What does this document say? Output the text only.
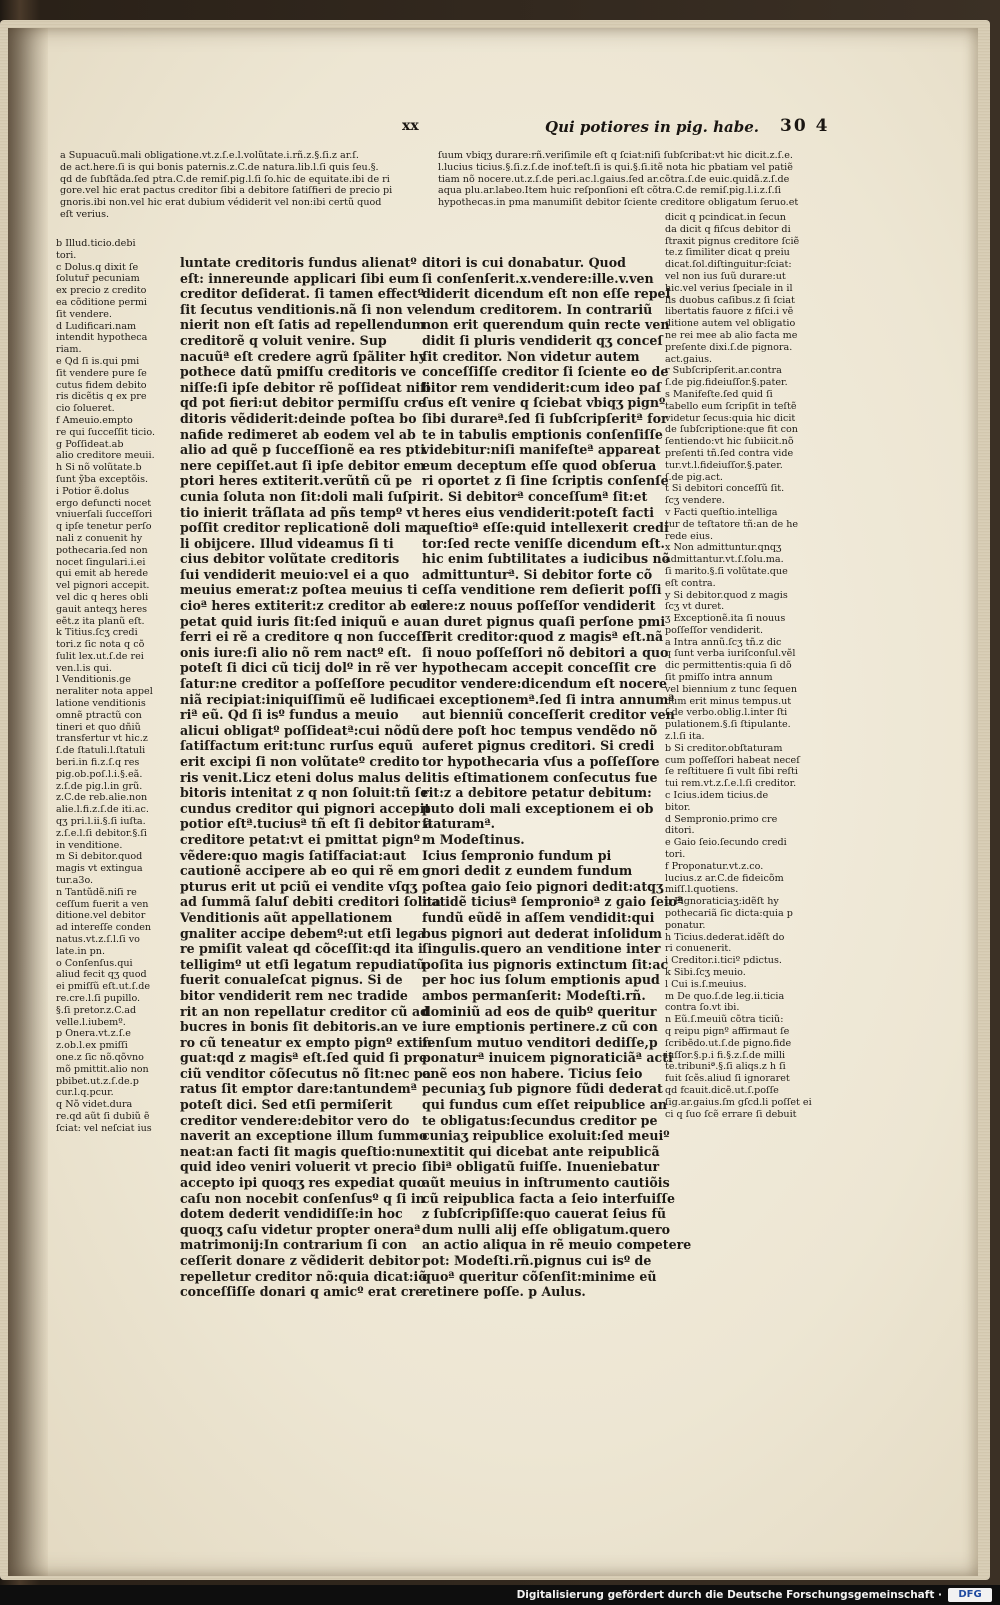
xx	Qui potiores in pig. habe. 30 4
a Supuacuũ.mali obligatione.vt.z.ſ.e.l.volũtate.i.rñ.z.§.ſi.z ar.ſ.
de act.here.ſi is qui bonis paternis.z.C.de natura.lib.l.ſi quis ſeu.§.
qd de ſubſtãda.ſed ptra.C.de remiſ.pig.l.ſi ſo.hic de equitate.ibi de ri
gore.vel hic erat pactus creditor ſibi a debitore ſatiſfieri de precio pi
gnoris.ibi non.vel hic erat dubium védiderit vel non:ibi certũ quod
eſt verius.
ſuum vbiqʒ durare:rñ.veriſimile eſt q ſciat:niſi ſubſcribat:vt hic dicit.z.ſ.e.
l.lucius ticius.§.ſi.z.ſ.de inof.teſt.ſi is qui.§.ſi.itẽ nota hic pbatiam vel patiẽ
tiam nõ nocere.ut.z.ſ.de peri.ac.l.gaius.ſed ar.cõtra.ſ.de euic.quidã.z.ſ.de
aqua plu.ar.labeo.Item huic reſponſioni eſt cõtra.C.de remiſ.pig.l.i.z.ſ.ſi
hypothecas.in pma manumiſit debitor ſciente creditore obligatum ſeruo.et
b Illud.ticio.debi
tori.
c Dolus.q dixit ſe
ſolutur̃ pecuniam
ex precio z credito
ea cõditione permi
ſit vendere.
d Ludificari.nam
intendit hypotheca
riam.
e Qd ſi is.qui pmi
ſit vendere pure ſe
cutus fidem debito
ris dicẽtis q ex pre
cio ſolueret.
f Ameuio.empto
re qui ſucceſſit ticio.
g Poſſideat.ab
alio creditore meuii.
h Si nõ volũtate.b
ſunt ỹba exceptõis.
i Potior ẽ.dolus
ergo defuncti nocet
vniuerſali ſucceſſori
q ipſe tenetur perſo
nali z conuenit hy
pothecaria.ſed non
nocet ſingulari.i.ei
qui emit ab herede
vel pignori accepit.
vel dic q heres obli
gauit anteqʒ heres
eẽt.z ita planũ eſt.
k Titius.ſcʒ credi
tori.z ſic nota q cõ
ſulit lex.ut.ſ.de rei
ven.l.is qui.
l Venditionis.ge
neraliter nota appel
latione venditionis
omnẽ ptractũ con
tineri et quo dñiũ
transfertur vt hic.z
ſ.de ſtatuli.l.ſtatuli
beri.in fi.z.ſ.q res
pig.ob.poſ.l.i.§.eã.
z.ſ.de pig.l.in grũ.
z.C.de reb.alie.non
alie.l.fi.z.ſ.de iti.ac.
qʒ pri.l.ii.§.ſi iuſta.
z.ſ.e.l.ſi debitor.§.ſi
in venditione.
m Si debitor.quod
magis vt extingua
tur.a3o.
n Tantũdẽ.niſi re
ceſſum fuerit a ven
ditione.vel debitor
ad intereſſe conden
natus.vt.z.ſ.l.ſi vo
late.in pn.
o Conſenſus.qui
aliud fecit qʒ quod
ei pmiſſũ eſt.ut.ſ.de
re.cre.l.ſi pupillo.
§.ſi pretor.z.C.ad
velle.l.iubemº.
p Onera.vt.z.ſ.e
z.ob.l.ex pmiſſi
one.z ſic nõ.qõvno
mõ pmittit.alio non
pbibet.ut.z.ſ.de.p
cur.l.q.pcur.
q Nõ videt.dura
re.qd aũt ſi dubiũ ẽ
ſciat: vel neſciat ius
luntate creditoris fundus alienatº
eſt: innereunde applicari ſibi eum
creditor deſiderat. ſi tamen effectº
ſit ſecutus venditionis.nã ſi non ve
nierit non eſt ſatis ad repellendum
creditorẽ q voluit venire. Sup
nacuũª eſt credere agrũ ſpãliter hy
pothece datũ pmiſſu creditoris ve
niſſe:ſi ipſe debitor rẽ poſſideat niſi
qd pot fieri:ut debitor permiſſu cre
ditoris vẽdiderit:deinde poſtea bo
nafide redimeret ab eodem vel ab
alio ad quẽ p ſucceſſionẽ ea res pti
nere cepiſſet.aut ſi ipſe debitor em
ptori heres extiterit.verũtñ cũ pe
cunia ſoluta non ſit:doli mali ſuſpi
tio inierit trãſlata ad pñs tempº vt
poſſit creditor replicationẽ doli ma
li obijcere. Illud videamus ſi ti
cius debitor volũtate creditoris
ſui vendiderit meuio:vel ei a quo
meuius emerat:z poſtea meuius ti
cioª heres extiterit:z creditor ab eo
petat quid iuris ſit:ſed iniquũ e au
ferri ei rẽ a creditore q non ſucceſſi
onis iure:ſi alio nõ rem nactº eſt.
poteſt ſi dici cũ ticij dolº in rẽ ver
ſatur:ne creditor a poſſeſſore pecu
niã recipiat:iniquiſſimũ eẽ ludifica
riª eũ. Qd ſi isº fundus a meuio
alicui obligatº poſſideatª:cui nõdũ
ſatiſfactum erit:tunc rurſus equũ
erit excipi ſi non volũtateº credito
ris venit.Licz eteni dolus malus de
bitoris intenitat z q non ſoluit:tñ ſe
cundus creditor qui pignori accepit
potior eſtª.tuciusª tñ eſt ſi debitor a
creditore petat:vt ei pmittat pignº
vẽdere:quo magis ſatiſfaciat:aut
cautionẽ accipere ab eo qui rẽ em
pturus erit ut pciũ ei vendite vſqʒ
ad ſummã ſaluſ debiti creditori ſolnat.
Venditionis aũt appellationem
gnaliter accipe debemº:ut etſi lega
re pmiſit valeat qd cõceſſit:qd ita i
telligimº ut etſi legatum repudiatũ
fuerit conualeſcat pignus. Si de
bitor vendiderit rem nec tradide
rit an non repellatur creditor cũ ad
bucres in bonis ſit debitoris.an ve
ro cũ teneatur ex empto pignº extin
guat:qd z magisª eſt.ſed quid ſi pre
ciũ venditor cõſecutus nõ ſit:nec pa
ratus ſit emptor dare:tantundemª
poteſt dici. Sed etſi permiſerit
creditor vendere:debitor vero do
naverit an exceptione illum ſummo
neat:an facti ſit magis queſtio:nun
quid ideo veniri voluerit vt precio
accepto ipi quoqʒ res expediat quo
caſu non nocebit conſenſusº q ſi in
dotem dederit vendidiſſe:in hoc
quoqʒ caſu videtur propter oneraª
matrimonij:In contrarium ſi con
ceſſerit donare z vẽdiderit debitor
repelletur creditor nõ:quia dicat:iõ
conceſſiſſe donari q amicº erat cre
ditori is cui donabatur. Quod
ſi conſenſerit.x.vendere:ille.v.ven
diderit dicendum eſt non eſſe repel
lendum creditorem. In contrariũ
non erit querendum quin recte ven
didit ſi pluris vendiderit qʒ conceſ
ſit creditor. Non videtur autem
conceſſiſſe creditor ſi ſciente eo de
bitor rem vendiderit:cum ideo paſ
ſus eſt venire q ſciebat vbiqʒ pignº
ſibi durareª.ſed ſi ſubſcripſeritª for
te in tabulis emptionis conſenſiſſe
videbitur:niſi manifeſteª appareat
eum deceptum eſſe quod obſerua
ri oportet z ſi ſine ſcriptis conſenſe
rit. Si debitorª conceſſumª ſit:et
heres eius vendiderit:poteſt facti
queſtioª eſſe:quid intellexerit credi
tor:ſed recte veniſſe dicendum eſt.
hic enim ſubtilitates a iudicibus nõ
admittunturª. Si debitor forte cõ
ceſſa venditione rem deſierit poſſi
dere:z nouus poſſeſſor vendiderit
an duret pignus quaſi perſone pmi
ſerit creditor:quod z magisª eſt.nã
ſi nouo poſſeſſori nõ debitori a quo
hypothecam accepit conceſſit cre
ditor vendere:dicendum eſt nocere
ei exceptionemª.ſed ſi intra annumª
aut bienniũ conceſſerit creditor ven
dere poſt hoc tempus vendẽdo nõ
auferet pignus creditori. Si credi
tor hypothecaria vſus a poſſeſſore
litis eſtimationem conſecutus fue
rit:z a debitore petatur debitum:
puto doli mali exceptionem ei ob
ſtaturamª.
m Modeſtinus.
Icius ſempronio fundum pi
gnori dedit z eundem fundum
poſtea gaio ſeio pignori dedit:atqʒ
ita idẽ ticiusª ſempronioª z gaio ſeioª
fundũ eũdẽ in aſſem vendidit:qui
bus pignori aut dederat inſolidum
ſingulis.quero an venditione inter
poſita ius pignoris extinctum ſit:ac
per hoc ius ſolum emptionis apud
ambos permanſerit: Modeſti.rñ.
dominiũ ad eos de quibº queritur
iure emptionis pertinere.z cũ con
ſenſum mutuo venditori dediſſe,p
ponaturª inuicem pignoraticiãª acti
onẽ eos non habere. Ticius ſeio
pecuniaʒ ſub pignore fũdi dederat
qui fundus cum eſſet reipublice an
te obligatus:ſecundus creditor pe
cuniaʒ reipublice exoluit:ſed meuiº
extitit qui dicebat ante reipublicã
ſibiª obligatũ fuiſſe. Inueniebatur
aũt meuius in inſtrumento cautiõis
cũ reipublica facta a ſeio interfuiſſe
z ſubſcripſiſſe:quo cauerat ſeius fũ
dum nulli alij eſſe obligatum.quero
an actio aliqua in rẽ meuio competere
pot: Modeſti.rñ.pignus cui isº de
quoª queritur cõſenſit:minime eũ
retinere poſſe. p Aulus.
dicit q pcindicat.in ſecun
da dicit q fiſcus debitor di
ſtraxit pignus creditore ſciẽ
te.z ſimiliter dicat q preiu
dicat.ſol.diſtinguitur:ſciat:
vel non ius ſuũ durare:ut
hic.vel verius ſpeciale in il
lis duobus caſibus.z ſi ſciat
libertatis fauore z fiſci.i vẽ
ditione autem vel obligatio
ne rei mee ab alio facta me
preſente dixi.ſ.de pignora.
act.gaius.
r Subſcripſerit.ar.contra
ſ.de pig.fideiuſſor.§.pater.
s Manifeſte.ſed quid ſi
tabello eum ſcripſit in teſtẽ
videtur ſecus:quia hic dicit
de ſubſcriptione:que fit con
ſentiendo:vt hic ſubiicit.nõ
preſenti tñ.ſed contra vide
tur.vt.l.fideiuſſor.§.pater.
ſ.de pig.act.
t Si debitori conceſſũ ſit.
ſcʒ vendere.
v Facti queſtio.intelliga
tur de teſtatore tñ:an de he
rede eius.
x Non admittuntur.qnqʒ
admittantur.vt.ſ.ſolu.ma.
ſi marito.§.ſi volũtate.que
eſt contra.
y Si debitor.quod z magis
ſcʒ vt duret.
ʒ Exceptionẽ.ita ſi nouus
poſſeſſor vendiderit.
a Intra annũ.ſcʒ tñ.z dic
q ſunt verba iuriſconſul.vẽl
dic permittentis:quia ſi dõ
ſit pmiſſo intra annum
vel biennium z tunc ſequen
dum erit minus tempus.ut
ſ.de verbo.oblig.l.inter ſti
pulationem.§.ſi ſtipulante.
z.l.ſi ita.
b Si creditor.obſtaturam
cum poſſeſſori habeat neceſ
ſe reſtituere ſi vult ſibi reſti
tui rem.vt.z.ſ.e.l.ſi creditor.
c Icius.idem ticius.de
bitor.
d Sempronio.primo cre
ditori.
e Gaio ſeio.ſecundo credi
tori.
f Proponatur.vt.z.co.
lucius.z ar.C.de fideicõm
miſſ.l.quotiens.
g Pignoraticiaʒ:idẽſt hy
pothecariã ſic dicta:quia p
ponatur.
h Ticius.dederat.idẽſt do
ri conuenerit.
i Creditor.i.ticiº pdictus.
k Sibi.ſcʒ meuio.
l Cui is.ſ.meuius.
m De quo.ſ.de leg.ii.ticia
contra ſo.vt ibi.
n Eũ.ſ.meuiũ cõtra ticiũ:
q reipu pignº affirmaut ſe
ſcribẽdo.ut.ſ.de pigno.fide
iuſſor.§.p.i fi.§.z.ſ.de milli
te.tribuniª.§.ſi aliqs.z h ſi
fuit ſcẽs.aliud ſi ignoraret
qd fcauit.dicẽ.ut.ſ.poſſe
ſig.ar.gaius.ſm gſcd.li poſſet ei
ci q ſuo ſcẽ errare ſi debuit
Digitalisierung gefördert durch die Deutsche Forschungsgemeinschaft ·	DFG
